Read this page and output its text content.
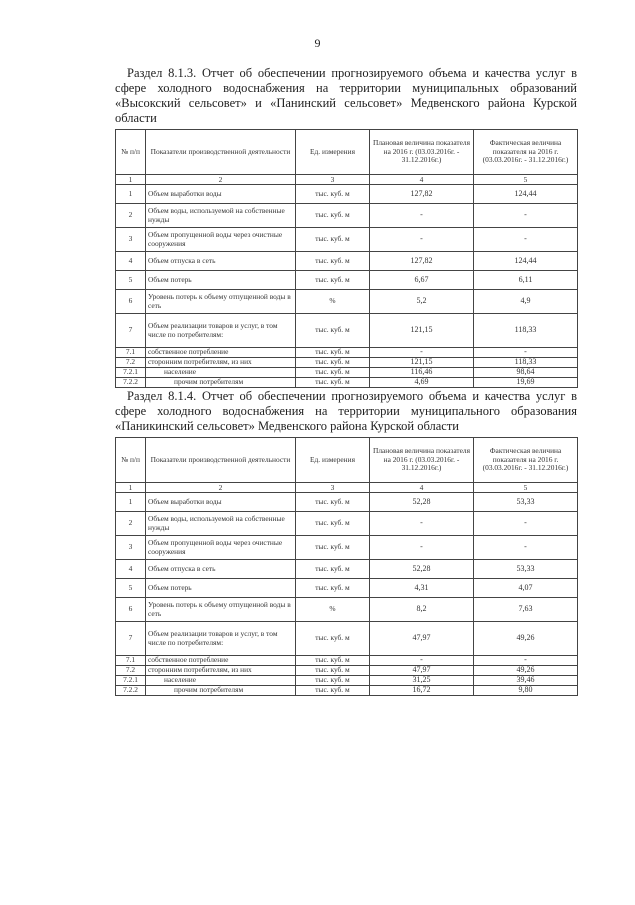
9

Раздел 8.1.3. Отчет об обеспечении прогнозируемого объема и качества услуг в сфере холодного водоснабжения на территории муниципальных образований «Высокский сельсовет» и «Панинский сельсовет» Медвенского района Курской области

№ п/п	Показатели производственной деятельности	Ед. измерения	Плановая величина показателя на 2016 г. (03.03.2016г. - 31.12.2016г.)	Фактическая величина показателя на 2016 г. (03.03.2016г. - 31.12.2016г.)
1	2	3	4	5
1	Объем выработки воды	тыс. куб. м	127,82	124,44
2	Объем воды, используемой на собственные нужды	тыс. куб. м	-	-
3	Объем пропущенной воды через очистные сооружения	тыс. куб. м	-	-
4	Объем отпуска в сеть	тыс. куб. м	127,82	124,44
5	Объем потерь	тыс. куб. м	6,67	6,11
6	Уровень потерь к объему отпущенной воды в сеть	%	5,2	4,9
7	Объем реализации товаров и услуг, в том числе по потребителям:	тыс. куб. м	121,15	118,33
7.1	собственное потребление	тыс. куб. м	-	-
7.2	сторонним потребителям, из них	тыс. куб. м	121,15	118,33
7.2.1	население	тыс. куб. м	116,46	98,64
7.2.2	прочим потребителям	тыс. куб. м	4,69	19,69

Раздел 8.1.4. Отчет об обеспечении прогнозируемого объема и качества услуг в сфере холодного водоснабжения на территории муниципального образования «Паникинский сельсовет» Медвенского района Курской области

№ п/п	Показатели производственной деятельности	Ед. измерения	Плановая величина показателя на 2016 г. (03.03.2016г. - 31.12.2016г.)	Фактическая величина показателя на 2016 г. (03.03.2016г. - 31.12.2016г.)
1	2	3	4	5
1	Объем выработки воды	тыс. куб. м	52,28	53,33
2	Объем воды, используемой на собственные нужды	тыс. куб. м	-	-
3	Объем пропущенной воды через очистные сооружения	тыс. куб. м	-	-
4	Объем отпуска в сеть	тыс. куб. м	52,28	53,33
5	Объем потерь	тыс. куб. м	4,31	4,07
6	Уровень потерь к объему отпущенной воды в сеть	%	8,2	7,63
7	Объем реализации товаров и услуг, в том числе по потребителям:	тыс. куб. м	47,97	49,26
7.1	собственное потребление	тыс. куб. м	-	-
7.2	сторонним потребителям, из них	тыс. куб. м	47,97	49,26
7.2.1	население	тыс. куб. м	31,25	39,46
7.2.2	прочим потребителям	тыс. куб. м	16,72	9,80
